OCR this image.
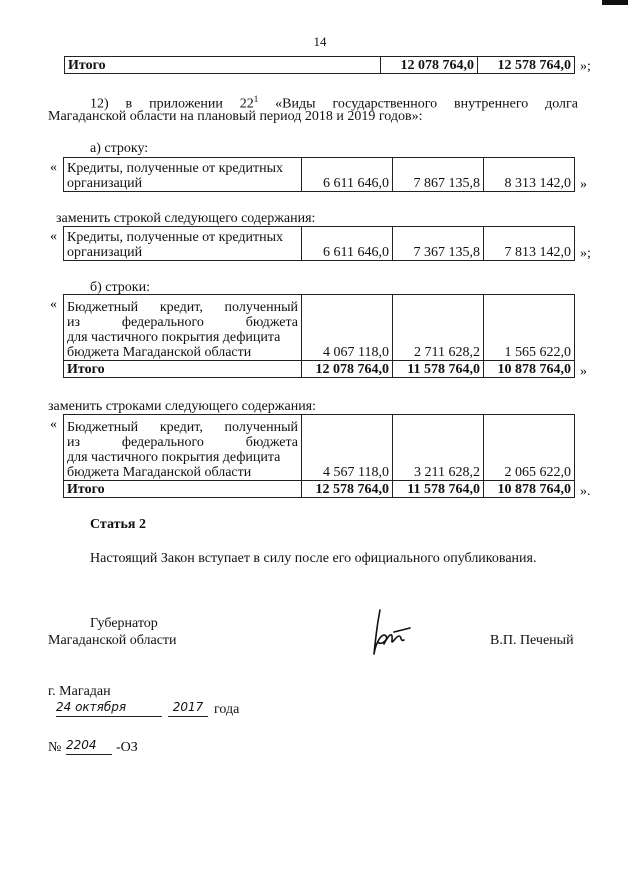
14
Итого	12 078 764,0	12 578 764,0 »;
12) в приложении $22^1$ «Виды государственного внутреннего долга
Магаданской области на плановый период 2018 и 2019 годов»:
а) строку:
« Кредиты, полученные от кредитных
организаций	6 611 646,0	7 867 135,8	8 313 142,0 »
заменить строкой следующего содержания:
« Кредиты, полученные от кредитных
организаций	6 611 646,0	7 367 135,8	7 813 142,0 »;
б) строки:
« Бюджетный кредит, полученный
из федерального бюджета
для частичного покрытия дефицита
бюджета Магаданской области	4 067 118,0	2 711 628,2	1 565 622,0
Итого	12 078 764,0	11 578 764,0	10 878 764,0 »
заменить строками следующего содержания:
« Бюджетный кредит, полученный
из федерального бюджета
для частичного покрытия дефицита
бюджета Магаданской области	4 567 118,0	3 211 628,2	2 065 622,0
Итого	12 578 764,0	11 578 764,0	10 878 764,0 ».
Статья 2
Настоящий Закон вступает в силу после его официального опубликования.
Губернатор
Магаданской области	В.П. Печеный
г. Магадан
24 октября	2017 года
№ 2204	-ОЗ
